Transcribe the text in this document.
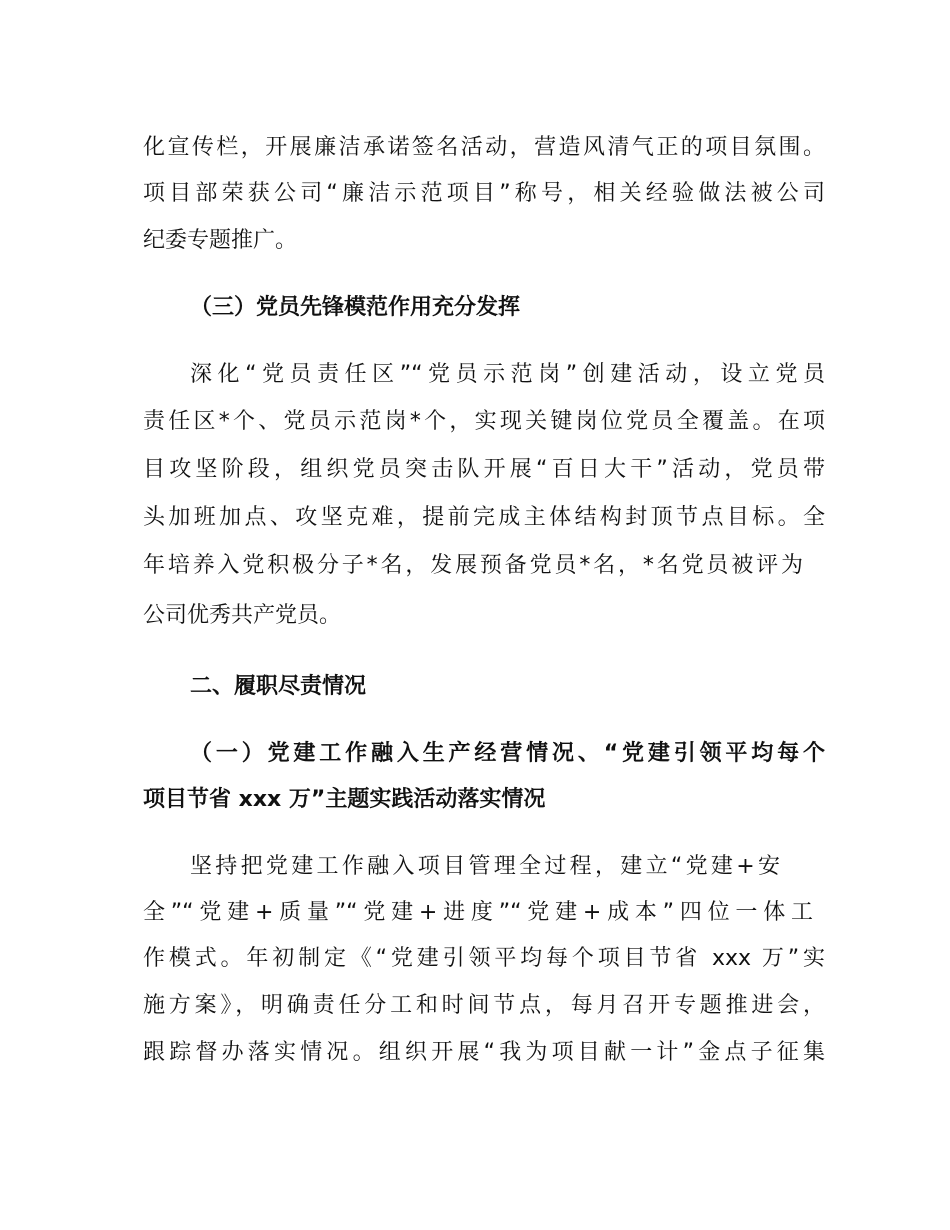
化宣传栏，开展廉洁承诺签名活动，营造风清气正的项目氛围。
项目部荣获公司“廉洁示范项目”称号，相关经验做法被公司
纪委专题推广。
（三）党员先锋模范作用充分发挥
深化“党员责任区”“党员示范岗”创建活动，设立党员
责任区*个、党员示范岗*个，实现关键岗位党员全覆盖。在项
目攻坚阶段，组织党员突击队开展“百日大干”活动，党员带
头加班加点、攻坚克难，提前完成主体结构封顶节点目标。全
年培养入党积极分子*名，发展预备党员*名，*名党员被评为
公司优秀共产党员。
二、履职尽责情况
（一）党建工作融入生产经营情况、“党建引领平均每个
项目节省 xxx 万”主题实践活动落实情况
坚持把党建工作融入项目管理全过程，建立“党建+安
全”“党建+质量”“党建+进度”“党建+成本”四位一体工
作模式。年初制定《“党建引领平均每个项目节省 xxx 万”实
施方案》，明确责任分工和时间节点，每月召开专题推进会，
跟踪督办落实情况。组织开展“我为项目献一计”金点子征集
